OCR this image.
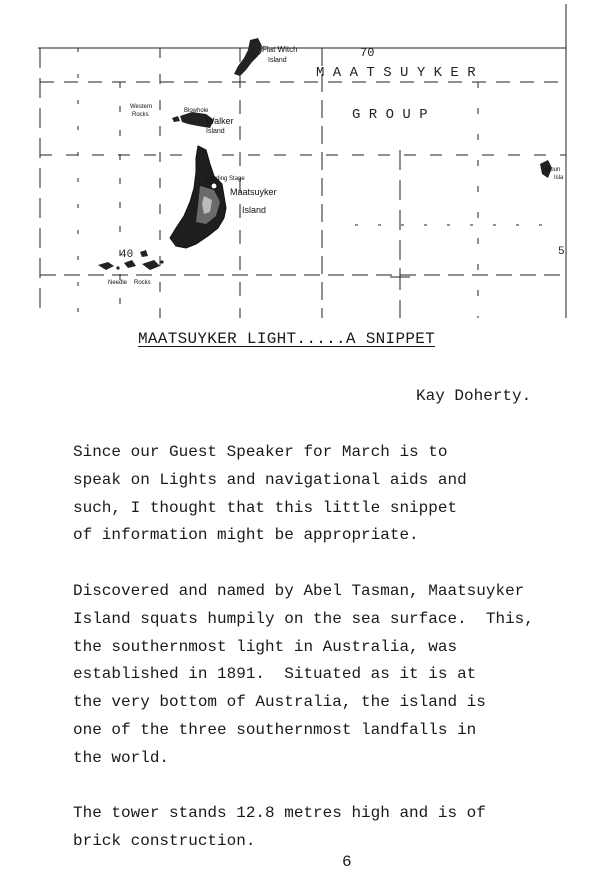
Flat Witch
Island
70
M A A T S U Y K E R
G R O U P
Western
Rocks
Blowhole
Walker
Island
Landing Stage
Maatsuyker
Island
40
Needle Rocks
Roun
Isla
5
MAATSUYKER LIGHT.....A SNIPPET
Kay Doherty.

Since our Guest Speaker for March is to
speak on Lights and navigational aids and
such, I thought that this little snippet
of information might be appropriate.

Discovered and named by Abel Tasman, Maatsuyker
Island squats humpily on the sea surface.  This,
the southernmost light in Australia, was
established in 1891.  Situated as it is at
the very bottom of Australia, the island is
one of the three southernmost landfalls in
the world.

The tower stands 12.8 metres high and is of
brick construction.

6
